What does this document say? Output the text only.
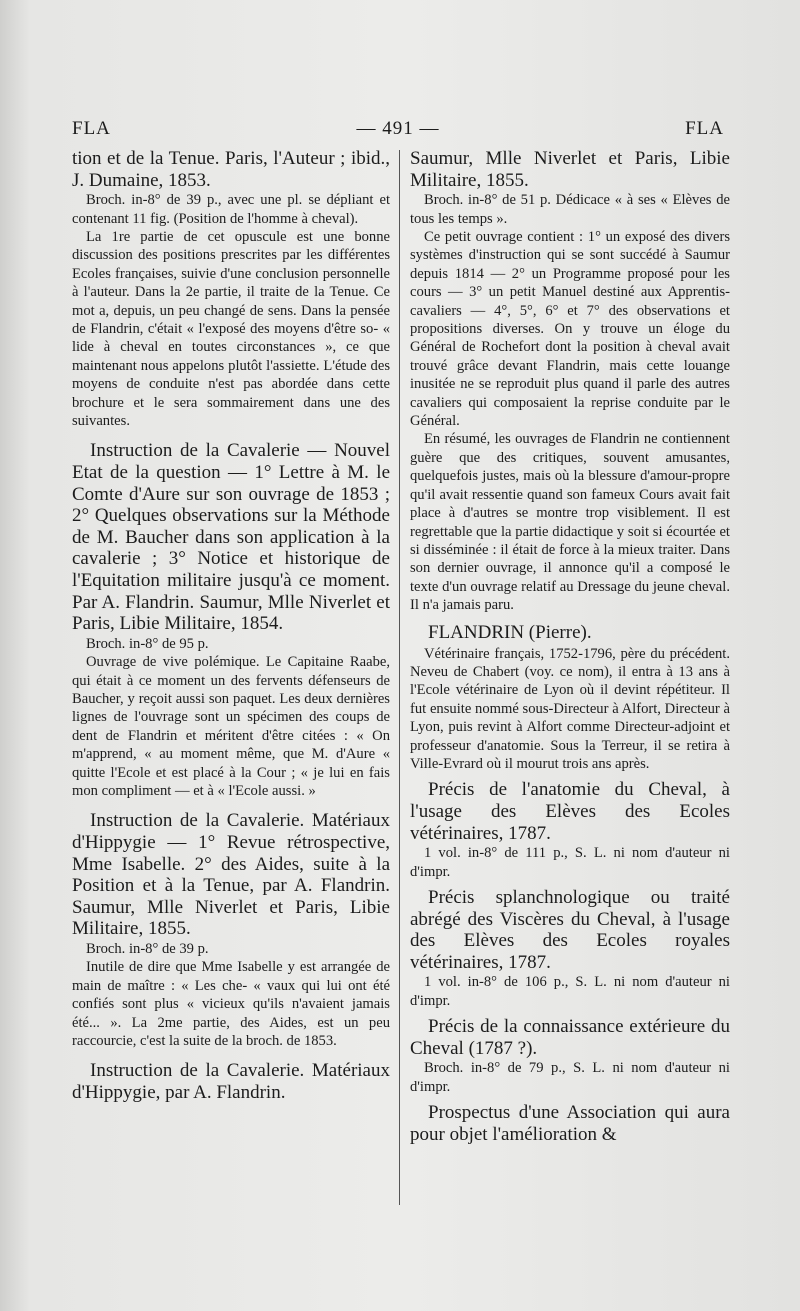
FLA	— 491 —	FLA

tion et de la Tenue. Paris, l'Auteur ; ibid., J. Dumaine, 1853.

Broch. in-8° de 39 p., avec une pl. se dépliant et contenant 11 fig. (Position de l'homme à cheval).

La 1re partie de cet opuscule est une bonne discussion des positions prescrites par les différentes Ecoles françaises, suivie d'une conclusion personnelle à l'auteur. Dans la 2e partie, il traite de la Tenue. Ce mot a, depuis, un peu changé de sens. Dans la pensée de Flandrin, c'était « l'exposé des moyens d'être so- « lide à cheval en toutes circonstances », ce que maintenant nous appelons plutôt l'assiette. L'étude des moyens de conduite n'est pas abordée dans cette brochure et le sera sommairement dans une des suivantes.

Instruction de la Cavalerie — Nouvel Etat de la question — 1° Lettre à M. le Comte d'Aure sur son ouvrage de 1853 ; 2° Quelques observations sur la Méthode de M. Baucher dans son application à la cavalerie ; 3° Notice et historique de l'Equitation militaire jusqu'à ce moment. Par A. Flandrin. Saumur, Mlle Niverlet et Paris, Libie Militaire, 1854.

Broch. in-8° de 95 p.

Ouvrage de vive polémique. Le Capitaine Raabe, qui était à ce moment un des fervents défenseurs de Baucher, y reçoit aussi son paquet. Les deux dernières lignes de l'ouvrage sont un spécimen des coups de dent de Flandrin et méritent d'être citées : « On m'apprend, « au moment même, que M. d'Aure « quitte l'Ecole et est placé à la Cour ; « je lui en fais mon compliment — et à « l'Ecole aussi. »

Instruction de la Cavalerie. Matériaux d'Hippygie — 1° Revue rétrospective, Mme Isabelle. 2° des Aides, suite à la Position et à la Tenue, par A. Flandrin. Saumur, Mlle Niverlet et Paris, Libie Militaire, 1855.

Broch. in-8° de 39 p.

Inutile de dire que Mme Isabelle y est arrangée de main de maître : « Les che- « vaux qui lui ont été confiés sont plus « vicieux qu'ils n'avaient jamais été... ». La 2me partie, des Aides, est un peu raccourcie, c'est la suite de la broch. de 1853.

Instruction de la Cavalerie. Matériaux d'Hippygie, par A. Flandrin.

Saumur, Mlle Niverlet et Paris, Libie Militaire, 1855.

Broch. in-8° de 51 p. Dédicace « à ses « Elèves de tous les temps ».

Ce petit ouvrage contient : 1° un exposé des divers systèmes d'instruction qui se sont succédé à Saumur depuis 1814 — 2° un Programme proposé pour les cours — 3° un petit Manuel destiné aux Apprentis-cavaliers — 4°, 5°, 6° et 7° des observations et propositions diverses. On y trouve un éloge du Général de Rochefort dont la position à cheval avait trouvé grâce devant Flandrin, mais cette louange inusitée ne se reproduit plus quand il parle des autres cavaliers qui composaient la reprise conduite par le Général.

En résumé, les ouvrages de Flandrin ne contiennent guère que des critiques, souvent amusantes, quelquefois justes, mais où la blessure d'amour-propre qu'il avait ressentie quand son fameux Cours avait fait place à d'autres se montre trop visiblement. Il est regrettable que la partie didactique y soit si écourtée et si disséminée : il était de force à la mieux traiter. Dans son dernier ouvrage, il annonce qu'il a composé le texte d'un ouvrage relatif au Dressage du jeune cheval. Il n'a jamais paru.

FLANDRIN (Pierre).

Vétérinaire français, 1752-1796, père du précédent. Neveu de Chabert (voy. ce nom), il entra à 13 ans à l'Ecole vétérinaire de Lyon où il devint répétiteur. Il fut ensuite nommé sous-Directeur à Alfort, Directeur à Lyon, puis revint à Alfort comme Directeur-adjoint et professeur d'anatomie. Sous la Terreur, il se retira à Ville-Evrard où il mourut trois ans après.

Précis de l'anatomie du Cheval, à l'usage des Elèves des Ecoles vétérinaires, 1787.

1 vol. in-8° de 111 p., S. L. ni nom d'auteur ni d'impr.

Précis splanchnologique ou traité abrégé des Viscères du Cheval, à l'usage des Elèves des Ecoles royales vétérinaires, 1787.

1 vol. in-8° de 106 p., S. L. ni nom d'auteur ni d'impr.

Précis de la connaissance extérieure du Cheval (1787 ?).

Broch. in-8° de 79 p., S. L. ni nom d'auteur ni d'impr.

Prospectus d'une Association qui aura pour objet l'amélioration &
